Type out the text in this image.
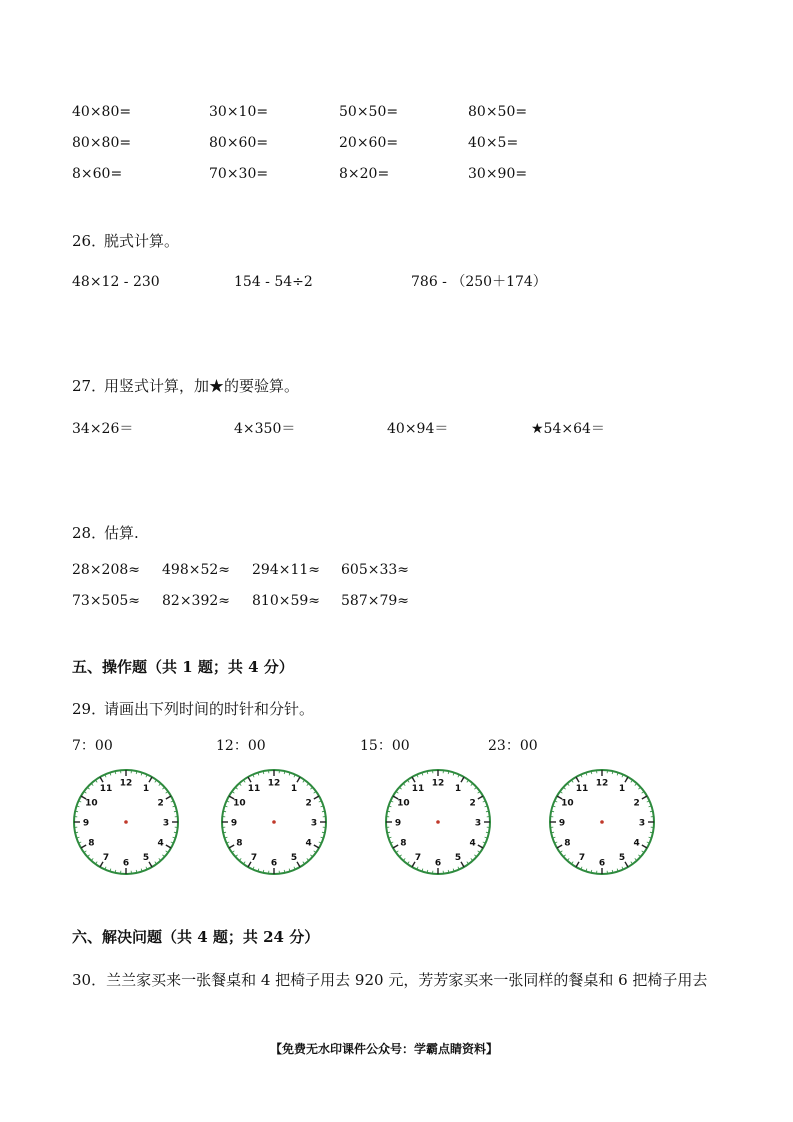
40×80=	30×10=	50×50=	80×50=
80×80=	80×60=	20×60=	40×5=
8×60=	70×30=	8×20=	30×90=
26．
脱式计算。
48×12 - 230	154 - 54÷2	786 - （250＋174）
27．
用竖式计算，加★的要验算。
34×26＝	4×350＝	40×94＝	★54×64＝
28．
估算.
28×208≈ 498×52≈ 294×11≈ 605×33≈
73×505≈ 82×392≈ 810×59≈ 587×79≈
五、操作题（共 1 题；共 4 分）
29．
请画出下列时间的时针和分针。
7：00	12：00	15：00	23：00
12
1
2
3
4
5
6
7
8
9
10
11
12
1
2
3
4
5
6
7
8
9
10
11
12
1
2
3
4
5
6
7
8
9
10
11
12
1
2
3
4
5
6
7
8
9
10
11
六、解决问题（共 4 题；共 24 分）
30．兰兰家买来一张餐桌和 4 把椅子用去 920 元，芳芳家买来一张同样的餐桌和 6 把椅子用去
【免费无水印课件公众号：学霸点睛资料】
